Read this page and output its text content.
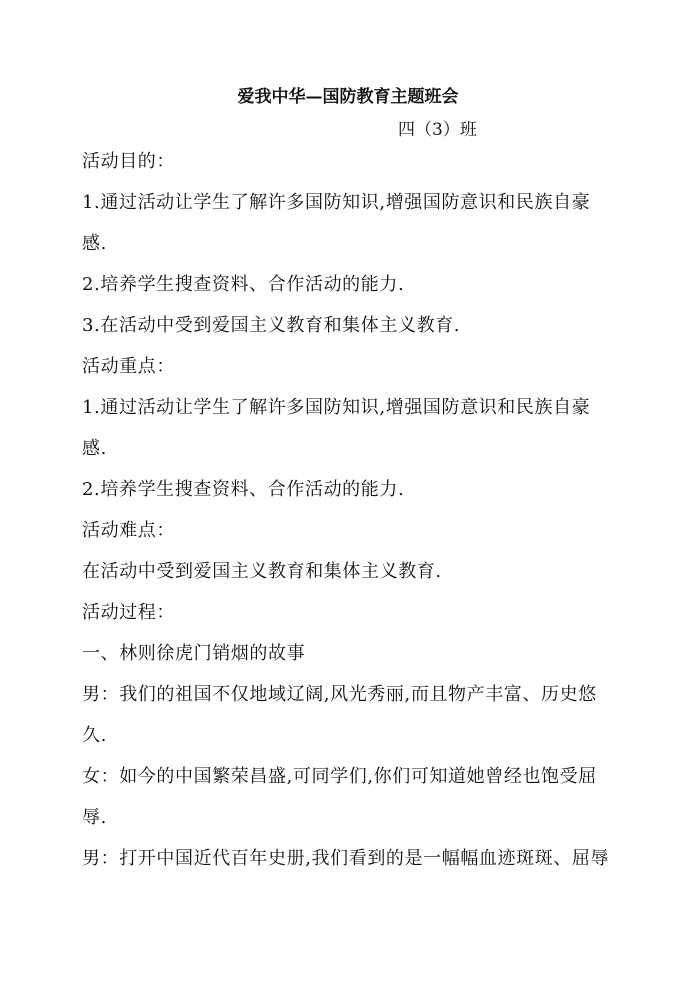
爱我中华—国防教育主题班会
四（3）班
活动目的：
1.通过活动让学生了解许多国防知识,增强国防意识和民族自豪
感.
2.培养学生搜查资料、合作活动的能力.
3.在活动中受到爱国主义教育和集体主义教育.
活动重点：
1.通过活动让学生了解许多国防知识,增强国防意识和民族自豪
感.
2.培养学生搜查资料、合作活动的能力.
活动难点：
在活动中受到爱国主义教育和集体主义教育.
活动过程：
一、林则徐虎门销烟的故事
男：我们的祖国不仅地域辽阔,风光秀丽,而且物产丰富、历史悠
久.
女：如今的中国繁荣昌盛,可同学们,你们可知道她曾经也饱受屈
辱.
男：打开中国近代百年史册,我们看到的是一幅幅血迹斑斑、屈辱
